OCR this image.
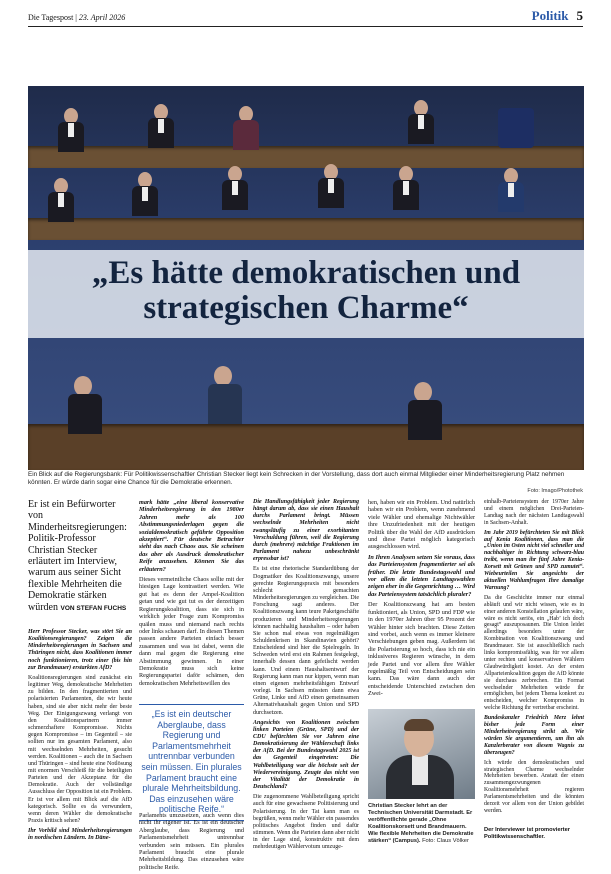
Die Tagespost | 23. April 2026	Politik 5
„Es hätte demokratischen und
strategischen Charme“
Ein Blick auf die Regierungsbank: Für Politikwissenschaftler Christian Stecker liegt kein Schrecken in der Vorstellung, dass dort auch einmal Mitglieder einer Minderheitsregierung Platz nehmen könnten. Er würde darin sogar eine Chance für die Demokratie erkennen.
Foto: Imago/Photothek
Er ist ein Befürworter von Minderheitsregierungen: Politik-Professor Christian Stecker erläutert im Interview, warum aus seiner Sicht flexible Mehrheiten die Demokratie stärken würden VON STEFAN FUCHS

Herr Professor Stecker, was stört Sie an Koalitionsregierungen? Zeigen die Minderheitsregierungen in Sachsen und Thüringen nicht, dass Koalitionen immer noch funktionieren, trotz einer (bis hin zur Brandmauer) erstarkten AfD?

Koalitionsregierungen sind zunächst ein legitimer Weg, demokratische Mehrheiten zu bilden. In den fragmentierten und polarisierten Parlamenten, die wir heute haben, sind sie aber nicht mehr der beste Weg. Der Einigungszwang verlangt von den Koalitionspartnern immer schmerzhaftere Kompromisse. Nichts gegen Kompromisse – im Gegenteil – sie sollten nur im gesamten Parlament, also mit wechselnden Mehrheiten, gesucht werden. Koalitionen – auch die in Sachsen und Thüringen – sind heute eine Notlösung mit enormen Verschleiß für die beteiligten Parteien und der Akzeptanz für die Demokratie. Auch der vollständige Ausschluss der Opposition ist ein Problem. Er ist vor allem mit Blick auf die AfD kategorisch. Sollte es da verwundern, wenn deren Wähler die demokratische Praxis kritisch sehen?

Ihr Vorbild sind Minderheitsregierungen in nordischen Ländern. In Däne-

mark hätte „eine liberal konservative Minderheitsregierung in den 1980er Jahren mehr als 100 Abstimmungsniederlagen gegen die sozialdemokratisch geführte Opposition akzeptiert“. Für deutsche Betrachter sieht das nach Chaos aus. Sie scheinen das aber als Ausdruck demokratischer Reife anzusehen. Können Sie das erläutern?

Dieses vermeintliche Chaos sollte mit der hiesigen Lage kontrastiert werden. Wie gut hat es denn der Ampel-Koalition getan und wie gut tut es der derzeitigen Regierungskoalition, dass sie sich in wirklich jeder Frage zum Kompromiss quälen muss und niemand nach rechts oder links schauen darf. In diesen Themen passen andere Parteien einfach besser zusammen und was ist dabei, wenn die dann mal gegen die Regierung eine Abstimmung gewinnen. In einer Demokratie muss sich keine Regierungspartei daför schämen, den demokratischen Mehrheitswillen des

„Es ist ein deutscher Aberglaube, dass Regierung und Parlamentsmehrheit untrennbar verbunden sein müssen. Ein plurales Parlament braucht eine plurale Mehrheitsbildung. Das einzusehen wäre politische Reife.“

Parlaments umzusetzen, auch wenn dies nicht ihr eigener ist. Es ist ein deutscher Aberglaube, dass Regierung und Parlamentsmehrheit untrennbar verbunden sein müssen. Ein plurales Parlament braucht eine plurale Mehrheitsbildung. Das einzusehen wäre politische Reife.

Die Handlungsfähigkeit jeder Regierung hängt darum ab, dass sie einen Haushalt durchs Parlament bringt. Müssen wechselnde Mehrheiten nicht zwangsläufig zu einer exorbitanten Verschuldung führen, weil die Regierung durch (mehrere) mächtige Fraktionen im Parlament nahezu unbeschränkt erpressbar ist?

Es ist eine rhetorische Standardübung der Dogmatiker des Koalitionszwangs, unsere gerechte Regierungspraxis mit besonders schlecht gemachten Minderheitsregierungen zu vergleichen. Die Forschung sagt anderes. Der Koalitionszwang kann teure Paketgeschäfte produzieren und Minderheitsregierungen können nachhaltig haushalten – oder haben Sie schon mal etwas von regelmäßigen Schuldenkrisen in Skandinavien gehört? Entscheidend sind hier die Spielregeln. In Schweden wird erst ein Rahmen festgelegt, innerhalb dessen dann gefeilscht werden kann. Und einem Haushaltsentwurf der Regierung kann man nur kippen, wenn man einen eigenen mehrheitsfähigen Entwurf vorlegt. In Sachsen müssten dann etwa Grüne, Linke und AfD einen gemeinsamen Alternativhaushalt gegen Union und SPD durchsetzen.

Angesichts von Koalitionen zwischen linken Parteien (Grüne, SPD) und der CDU befürchten Sie vor Jahren eine Demokratisierung der Wählerschaft links der AfD. Bei der Bundestagswahl 2025 ist das Gegenteil eingetreten: Die Wahlbeteiligung war die höchste seit der Wiedervereinigung. Zeugte das nicht von der Vitalität der Demokratie in Deutschland?

Die zugenommene Wahlbeteiligung spricht auch für eine gewachsene Politisierung und Polarisierung. In der Tat kann man es begrüßen, wenn mehr Wähler ein passendes politisches Angebot finden und dafür stimmen. Wenn die Parteien dann aber nicht in der Lage sind, konstruktiv mit dem mehrdeutigen Wählervotum umzuge-

hen, haben wir ein Problem. Und natürlich haben wir ein Problem, wenn zunehmend viele Wähler und ehemalige Nichtwähler ihre Unzufriedenheit mit der heutigen Politik über die Wahl der AfD ausdrücken und diese Partei möglich kategorisch ausgeschlossen wird.

In Ihren Analysen setzen Sie voraus, dass das Parteiensystem fragmentierter sei als früher. Die letzte Bundestagswahl und vor allem die letzten Landtagswahlen zeigen eher in die Gegenrichtung … Wird das Parteiensystem tatsächlich pluraler?

Der Koalitionszwang hat am besten funktioniert, als Union, SPD und FDP wie in den 1970er Jahren über 95 Prozent der Wähler hinter sich brachten. Diese Zeiten sind vorbei, auch wenn es immer kleinere Verschiebungen geben mag. Außerdem ist die Polarisierung so hoch, dass ich nie ein inklusiveres Regieren wünsche, in dem jede Partei und vor allem ihre Wähler regelmäßig Teil von Entscheidungen sein kann. Das wäre dann auch der entscheidende Unterschied zwischen den Zwei-

Christian Stecker lehrt an der Technischen Universität Darmstadt. Er veröffentlichte gerade „Ohne Koalitionskorsett und Brandmauern. Wie flexible Mehrheiten die Demokratie stärken“ (Campus). Foto: Claus Völker

einhalb-Parteiensystem der 1970er Jahre und einem möglichen Drei-Parteien-Landtag nach der nächsten Landtagswahl in Sachsen-Anhalt.

Im Jahr 2019 befürchteten Sie mit Blick auf Kenia Koalitionen, dass man die „Union im Osten nicht viel schneller und nachhaltiger in Richtung schwarz-blau treibt, wenn man ihr fünf Jahre Kenia-Korsett mit Grünen und SPD zumutet“. Wiebeurteilen Sie angesichts der aktuellen Wahlumfragen Ihre damalige Warnung?

Da die Geschichte immer nur einmal abläuft und wir nicht wissen, wie es in einer anderen Konstellation gelaufen wäre, wäre es nicht seriös, ein „Hab’ ich doch gesagt“ auszuposaunen. Die Union leidet allerdings besonders unter der Kombination von Koalitionszwang und Brandmauer. Sie ist ausschließlich nach links kompromissfähig, was für vor allem unter rechten und konservativen Wählern Glaubwürdigkeit kostet. An der ersten Allparteienkoalition gegen die AfD könnte sie durchaus zerbrechen. Ein Format wechselnder Mehrheiten würde ihr ermöglichen, bei jedem Thema konkret zu entscheiden, welcher Kompromiss in welche Richtung ihr vertretbar erscheint.

Bundeskanzler Friedrich Merz lehnt bisher jede Form einer Minderheitsregierung strikt ab. Wie würden Sie argumentieren, um ihn als Kanzlerberater von diesem Wagnis zu überzeugen?

Ich würde den demokratischen und strategischen Charme wechselnder Mehrheiten bewerben. Anstatt der einen zusammengezwungenen Koalitionsmehrheit regieren Parlamentsmehrheiten und die könnten derzeit vor allem von der Union gebildet werden.

Der Interviewer ist promovierter Politikwissenschaftler.
